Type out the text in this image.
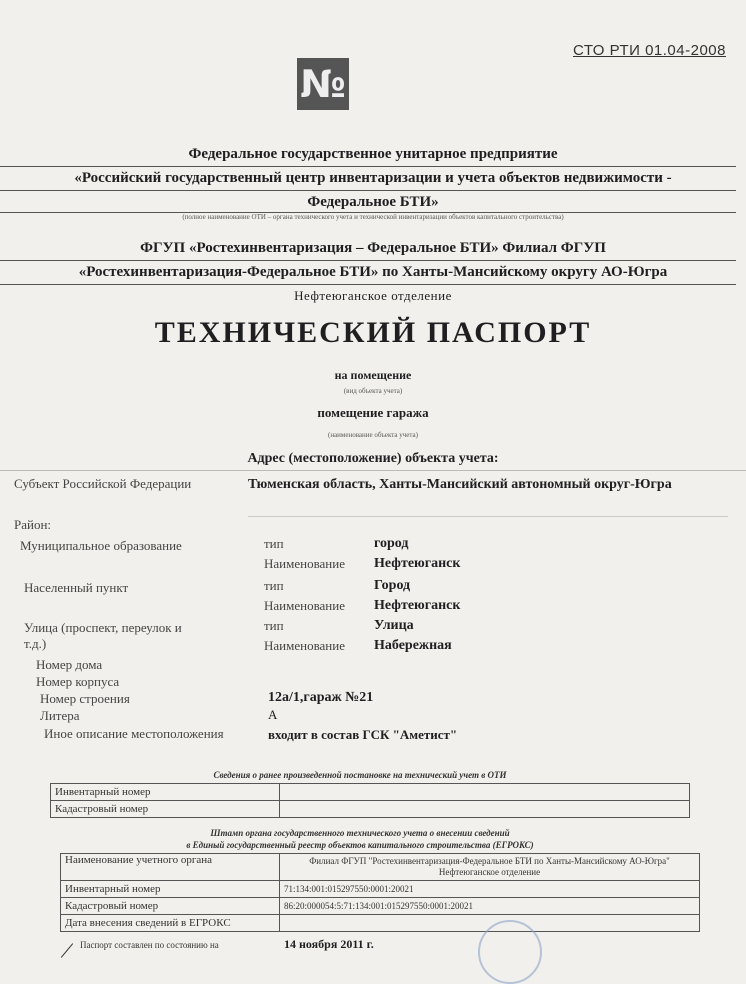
СТО РТИ 01.04-2008
№
Федеральное государственное унитарное предприятие
«Российский государственный центр инвентаризации и учета объектов недвижимости -
Федеральное БТИ»
(полное наименование ОТИ – органа технического учета и технической инвентаризации объектов капитального строительства)
ФГУП «Ростехинвентаризация – Федеральное БТИ» Филиал ФГУП
«Ростехинвентаризация-Федеральное БТИ» по Ханты-Мансийскому округу АО-Югра
Нефтеюганское отделение
ТЕХНИЧЕСКИЙ ПАСПОРТ
на помещение
(вид объекта учета)
помещение гаража
(наименование объекта учета)
Адрес (местоположение) объекта учета:
Субъект Российской Федерации	Тюменская область, Ханты-Мансийский автономный округ-Югра
Район:
Муниципальное образование	тип	город
Наименование Нефтеюганск
Населенный пункт	тип	Город
Наименование Нефтеюганск
Улица (проспект, переулок и т.д.)
тип	Улица
Наименование Набережная
Номер дома
Номер корпуса
Номер строения	12а/1,гараж №21
Литера	А
Иное описание местоположения	входит в состав ГСК "Аметист"
Сведения о ранее произведенной постановке на технический учет в ОТИ
Инвентарный номер	
Кадастровый номер	
Штамп органа государственного технического учета о внесении сведений
в Единый государственный реестр объектов капитального строительства (ЕГРОКС)
Наименование учетного органа	Филиал ФГУП "Ростехинвентаризация-Федеральное БТИ по Ханты-Мансийскому АО-Югра" Нефтеюганское отделение
Инвентарный номер	71:134:001:015297550:0001:20021
Кадастровый номер	86:20:000054:5:71:134:001:015297550:0001:20021
Дата внесения сведений в ЕГРОКС	
Паспорт составлен по состоянию на	14 ноября 2011 г.
